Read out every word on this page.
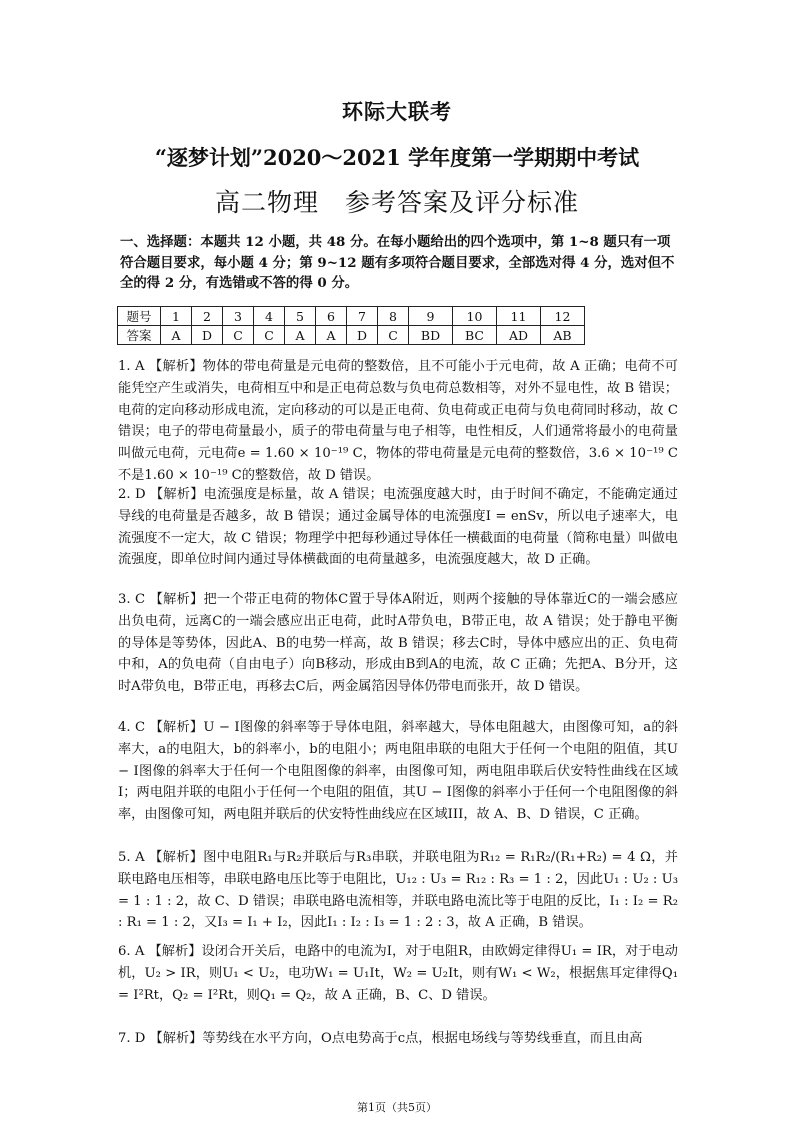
环际大联考
“逐梦计划”2020～2021 学年度第一学期期中考试
高二物理　参考答案及评分标准
一、选择题：本题共 12 小题，共 48 分。在每小题给出的四个选项中，第 1~8 题只有一项符合题目要求，每小题 4 分；第 9~12 题有多项符合题目要求，全部选对得 4 分，选对但不全的得 2 分，有选错或不答的得 0 分。
题号	1	2	3	4	5	6	7	8	9	10	11	12
答案	A	D	C	C	A	A	D	C	BD	BC	AD	AB
1. A 【解析】物体的带电荷量是元电荷的整数倍，且不可能小于元电荷，故 A 正确；电荷不可能凭空产生或消失，电荷相互中和是正电荷总数与负电荷总数相等，对外不显电性，故 B 错误；电荷的定向移动形成电流，定向移动的可以是正电荷、负电荷或正电荷与负电荷同时移动，故 C 错误；电子的带电荷量最小，质子的带电荷量与电子相等，电性相反，人们通常将最小的电荷量叫做元电荷，元电荷e = 1.60 × 10⁻¹⁹ C，物体的带电荷量是元电荷的整数倍，3.6 × 10⁻¹⁹ C不是1.60 × 10⁻¹⁹ C的整数倍，故 D 错误。
2. D 【解析】电流强度是标量，故 A 错误；电流强度越大时，由于时间不确定，不能确定通过导线的电荷量是否越多，故 B 错误；通过金属导体的电流强度I = enSv，所以电子速率大，电流强度不一定大，故 C 错误；物理学中把每秒通过导体任一横截面的电荷量（简称电量）叫做电流强度，即单位时间内通过导体横截面的电荷量越多，电流强度越大，故 D 正确。
3. C 【解析】把一个带正电荷的物体C置于导体A附近，则两个接触的导体靠近C的一端会感应出负电荷，远离C的一端会感应出正电荷，此时A带负电，B带正电，故 A 错误；处于静电平衡的导体是等势体，因此A、B的电势一样高，故 B 错误；移去C时，导体中感应出的正、负电荷中和，A的负电荷（自由电子）向B移动，形成由B到A的电流，故 C 正确；先把A、B分开，这时A带负电，B带正电，再移去C后，两金属箔因导体仍带电而张开，故 D 错误。
4. C 【解析】U − I图像的斜率等于导体电阻，斜率越大，导体电阻越大，由图像可知，a的斜率大，a的电阻大，b的斜率小，b的电阻小；两电阻串联的电阻大于任何一个电阻的阻值，其U − I图像的斜率大于任何一个电阻图像的斜率，由图像可知，两电阻串联后伏安特性曲线在区域I；两电阻并联的电阻小于任何一个电阻的阻值，其U − I图像的斜率小于任何一个电阻图像的斜率，由图像可知，两电阻并联后的伏安特性曲线应在区域III，故 A、B、D 错误，C 正确。
5. A 【解析】图中电阻R₁与R₂并联后与R₃串联，并联电阻为R₁₂ = R₁R₂/(R₁+R₂) = 4 Ω，并联电路电压相等，串联电路电压比等于电阻比，U₁₂ : U₃ = R₁₂ : R₃ = 1 : 2，因此U₁ : U₂ : U₃ = 1 : 1 : 2，故 C、D 错误；串联电路电流相等，并联电路电流比等于电阻的反比，I₁ : I₂ = R₂ : R₁ = 1 : 2，又I₃ = I₁ + I₂，因此I₁ : I₂ : I₃ = 1 : 2 : 3，故 A 正确，B 错误。
6. A 【解析】设闭合开关后，电路中的电流为I，对于电阻R，由欧姆定律得U₁ = IR，对于电动机，U₂ > IR，则U₁ < U₂，电功W₁ = U₁It，W₂ = U₂It，则有W₁ < W₂，根据焦耳定律得Q₁ = I²Rt，Q₂ = I²Rt，则Q₁ = Q₂，故 A 正确，B、C、D 错误。
7. D 【解析】等势线在水平方向，O点电势高于c点，根据电场线与等势线垂直，而且由高
第1页（共5页）
